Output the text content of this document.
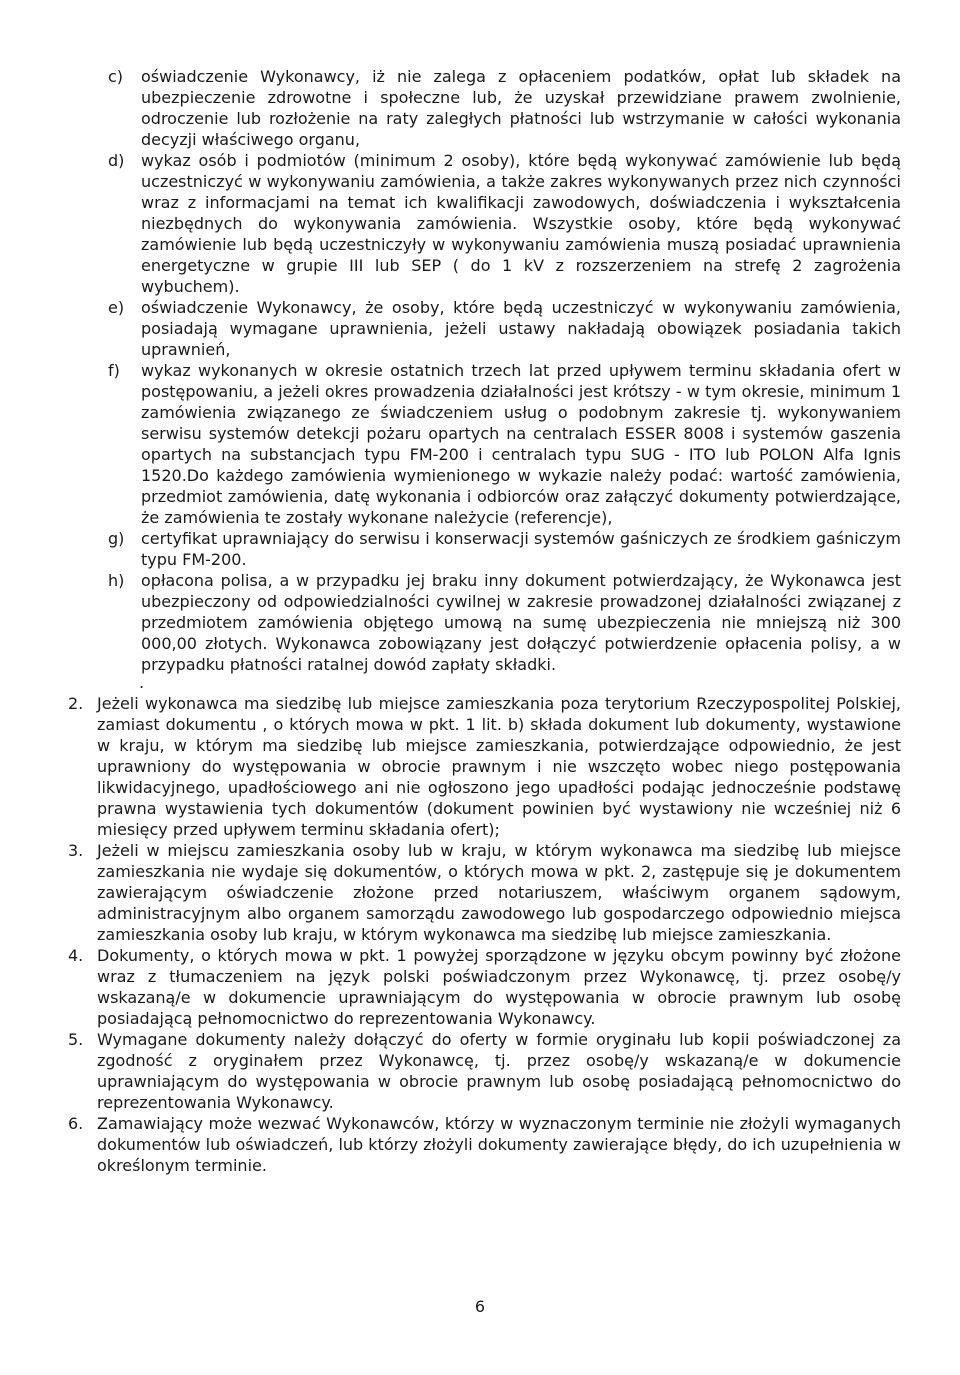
c)	oświadczenie Wykonawcy, iż nie zalega z opłaceniem podatków, opłat lub składek na ubezpieczenie zdrowotne i społeczne lub, że uzyskał przewidziane prawem zwolnienie, odroczenie lub rozłożenie na raty zaległych płatności lub wstrzymanie w całości wykonania decyzji właściwego organu,
d)	wykaz osób i podmiotów (minimum 2 osoby), które będą wykonywać zamówienie lub będą uczestniczyć w wykonywaniu zamówienia, a także zakres wykonywanych przez nich czynności wraz z informacjami na temat ich kwalifikacji zawodowych, doświadczenia i wykształcenia niezbędnych do wykonywania zamówienia. Wszystkie osoby, które będą wykonywać zamówienie lub będą uczestniczyły w wykonywaniu zamówienia muszą posiadać uprawnienia energetyczne w grupie III lub SEP ( do 1 kV z rozszerzeniem na strefę 2 zagrożenia wybuchem).
e)	oświadczenie Wykonawcy, że osoby, które będą uczestniczyć w wykonywaniu zamówienia, posiadają wymagane uprawnienia, jeżeli ustawy nakładają obowiązek posiadania takich uprawnień,
f)	wykaz wykonanych w okresie ostatnich trzech lat przed upływem terminu składania ofert w postępowaniu, a jeżeli okres prowadzenia działalności jest krótszy - w tym okresie, minimum 1 zamówienia związanego ze świadczeniem usług o podobnym zakresie tj. wykonywaniem serwisu systemów detekcji pożaru opartych na centralach ESSER 8008 i systemów gaszenia opartych na substancjach typu FM-200 i centralach typu SUG - ITO lub POLON Alfa Ignis 1520.Do każdego zamówienia wymienionego w wykazie należy podać: wartość zamówienia, przedmiot zamówienia, datę wykonania i odbiorców oraz załączyć dokumenty potwierdzające, że zamówienia te zostały wykonane należycie (referencje),
g)	certyfikat uprawniający do serwisu i konserwacji systemów gaśniczych ze środkiem gaśniczym typu FM-200.
h)	opłacona polisa, a w przypadku jej braku inny dokument potwierdzający, że Wykonawca jest ubezpieczony od odpowiedzialności cywilnej w zakresie prowadzonej działalności związanej z przedmiotem zamówienia objętego umową na sumę ubezpieczenia nie mniejszą niż 300 000,00 złotych. Wykonawca zobowiązany jest dołączyć potwierdzenie opłacenia polisy, a w przypadku płatności ratalnej dowód zapłaty składki.
.
2. Jeżeli wykonawca ma siedzibę lub miejsce zamieszkania poza terytorium Rzeczypospolitej Polskiej, zamiast dokumentu , o których mowa w pkt. 1 lit. b) składa dokument lub dokumenty, wystawione w kraju, w którym ma siedzibę lub miejsce zamieszkania, potwierdzające odpowiednio, że jest uprawniony do występowania w obrocie prawnym i nie wszczęto wobec niego postępowania likwidacyjnego, upadłościowego ani nie ogłoszono jego upadłości podając jednocześnie podstawę prawna wystawienia tych dokumentów (dokument powinien być wystawiony nie wcześniej niż 6 miesięcy przed upływem terminu składania ofert);
3. Jeżeli w miejscu zamieszkania osoby lub w kraju, w którym wykonawca ma siedzibę lub miejsce zamieszkania nie wydaje się dokumentów, o których mowa w pkt. 2, zastępuje się je dokumentem zawierającym oświadczenie złożone przed notariuszem, właściwym organem sądowym, administracyjnym albo organem samorządu zawodowego lub gospodarczego odpowiednio miejsca zamieszkania osoby lub kraju, w którym wykonawca ma siedzibę lub miejsce zamieszkania.
4. Dokumenty, o których mowa w pkt. 1 powyżej sporządzone w języku obcym powinny być złożone wraz z tłumaczeniem na język polski poświadczonym przez Wykonawcę, tj. przez osobę/y wskazaną/e w dokumencie uprawniającym do występowania w obrocie prawnym lub osobę posiadającą pełnomocnictwo do reprezentowania Wykonawcy.
5. Wymagane dokumenty należy dołączyć do oferty w formie oryginału lub kopii poświadczonej za zgodność z oryginałem przez Wykonawcę, tj. przez osobę/y wskazaną/e w dokumencie uprawniającym do występowania w obrocie prawnym lub osobę posiadającą pełnomocnictwo do reprezentowania Wykonawcy.
6. Zamawiający może wezwać Wykonawców, którzy w wyznaczonym terminie nie złożyli wymaganych dokumentów lub oświadczeń, lub którzy złożyli dokumenty zawierające błędy, do ich uzupełnienia w określonym terminie.
6
